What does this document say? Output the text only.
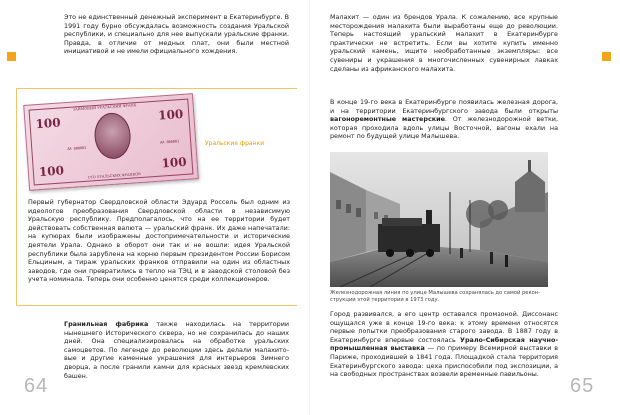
Это не единственный денежный эксперимент в Екатеринбурге. В 1991 году бурно обсуждалась возможность создания Уральской республики, и специально для нее выпускали уральские франки. Правда, в отличие от медных плат, они были местной инициативой и не имели официального хождения.

ЗАЙМОВЫЙ УРАЛЬСКИЙ ФРАНК
100
100
100
100
АА 000001
АА 000001
СТО УРАЛЬСКИХ ФРАНКОВ
Уральские франки

Первый губернатор Свердловской области Эдуард Россель был одним из идеологов преобразования Свердловской области в независимую Уральскую республику. Предполагалось, что на ее территории будет действовать собственная валюта — уральский франк. Их даже напечатали: на купюрах были изображены достопримечательности и исторические деятели Урала. Однако в оборот они так и не вошли: идея Уральской республики была зарублена на корню первым президентом России Борисом Ельциным, а тираж уральских франков отправили на один из областных заводов, где они превратились в тепло на ТЭЦ и в заводской столовой без учета номинала. Теперь они особенно ценятся среди коллекционеров.

Гранильная фабрика также находилась на территории нынешнего Исторического сквера, но не сохранилась до наших дней. Она специализировалась на обработке уральских самоцветов. По легенде до революции здесь делали малахитовые и другие каменные украшения для интерьеров Зимнего дворца, а после гранили камни для красных звезд кремлевских башен.

64

Малахит — один из брендов Урала. К сожалению, все крупные месторождения малахита были выработаны еще до революции. Теперь настоящий уральский малахит в Екатеринбурге практически не встретить. Если вы хотите купить именно уральский камень, ищите необработанные экземпляры: все сувениры и украшения в многочисленных сувенирных лавках сделаны из африканского малахита.

В конце 19-го века в Екатеринбурге появилась железная дорога, и на территории Екатеринбургского завода были открыты вагоноремонтные мастерские. От железнодорожной ветки, которая проходила вдоль улицы Восточной, вагоны ехали на ремонт по будущей улице Малышева.

Железнодорожная линия по улице Малышева сохранялась до самой реконструкции этой территории в 1973 году.

Город развивался, а его центр оставался промзоной. Диссонанс ощущался уже в конце 19-го века: к этому времени относятся первые попытки преобразования старого завода. В 1887 году в Екатеринбурге впервые состоялась Урало-Сибирская научно-промышленная выставка — по примеру Всемирной выставки в Париже, проходившей в 1841 года. Площадкой стала территория Екатеринбургского завода: цеха приспособили под экспозиции, а на свободных пространствах возвели временные павильоны.

65
